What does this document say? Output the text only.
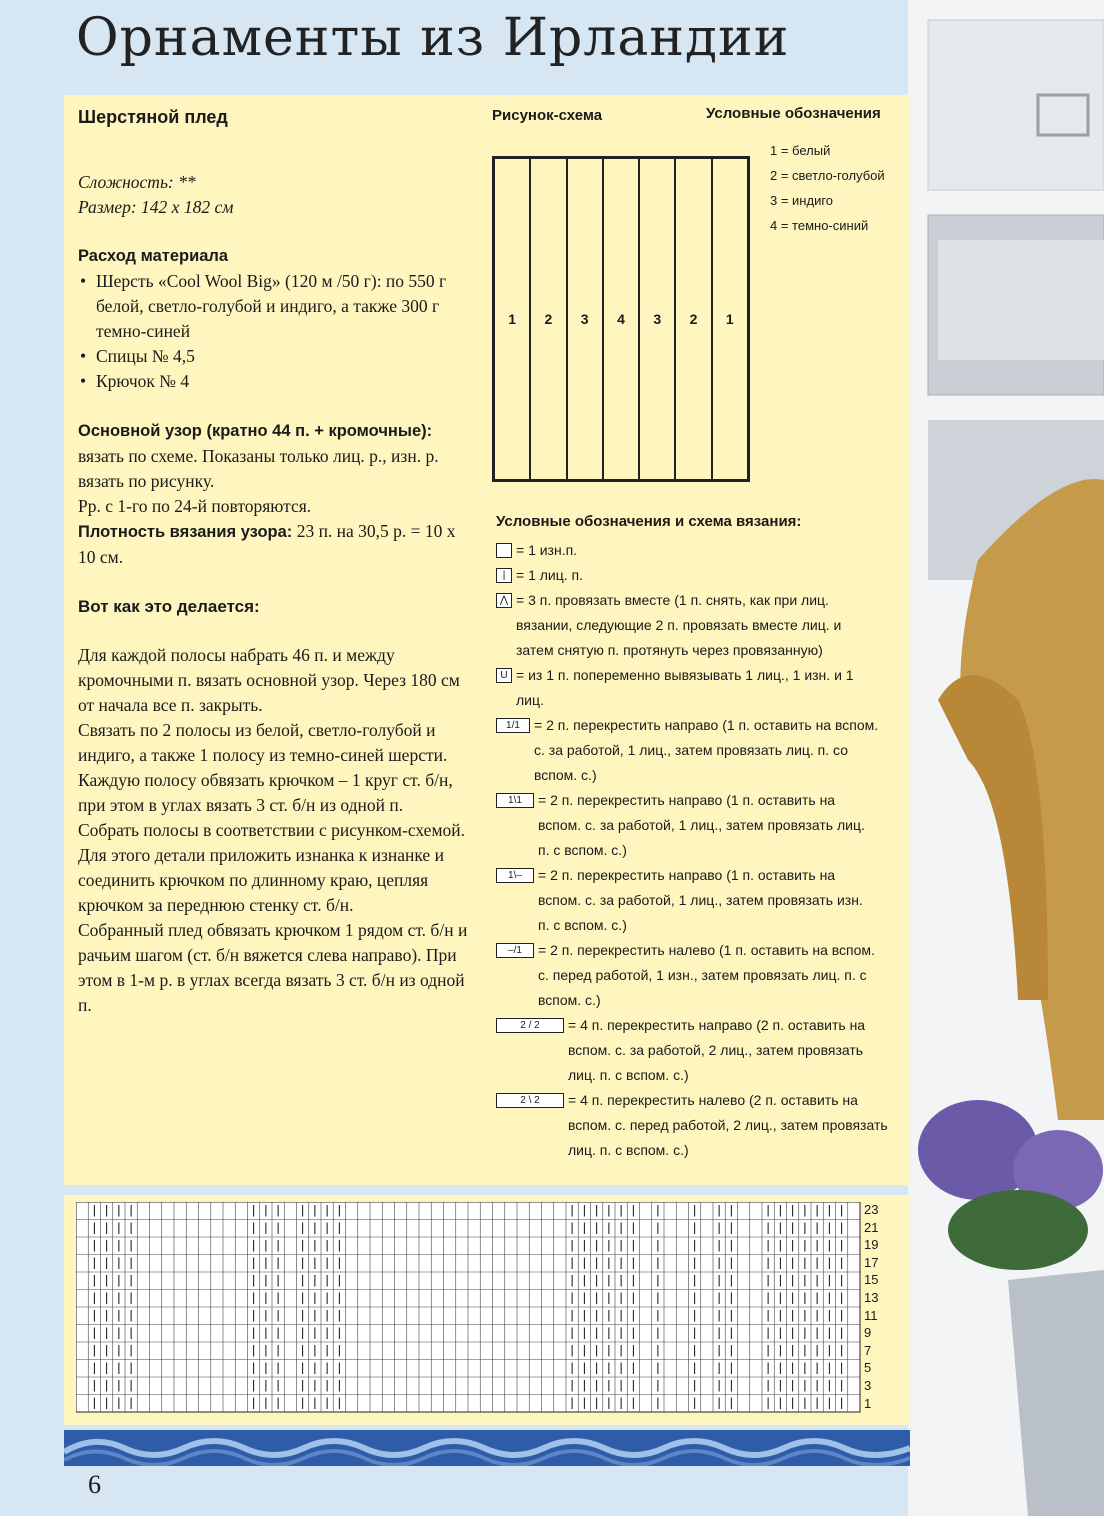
Орнаменты из Ирландии

Шерстяной плед

Сложность: **

Размер: 142 х 182 см

Расход материала

• Шерсть «Cool Wool Big» (120 м /50 г): по 550 г белой, светло-голубой и индиго, а также 300 г темно-синей
• Спицы № 4,5
• Крючок № 4

Основной узор (кратно 44 п. + кромочные): вязать по схеме. Показаны только лиц. р., изн. р. вязать по рисунку.

Рр. с 1-го по 24-й повторяются.

Плотность вязания узора: 23 п. на 30,5 р. = 10 х 10 см.

Вот как это делается:

Для каждой полосы набрать 46 п. и между кромочными п. вязать основной узор. Через 180 см от начала все п. закрыть.

Связать по 2 полосы из белой, светло-голубой и индиго, а также 1 полосу из темно-синей шерсти.

Каждую полосу обвязать крючком – 1 круг ст. б/н, при этом в углах вязать 3 ст. б/н из одной п.

Собрать полосы в соответствии с рисунком-схемой. Для этого детали приложить изнанка к изнанке и соединить крючком по длинному краю, цепляя крючком за переднюю стенку ст. б/н.

Собранный плед обвязать крючком 1 рядом ст. б/н и рачьим шагом (ст. б/н вяжется слева направо). При этом в 1-м р. в углах всегда вязать 3 ст. б/н из одной п.

Рисунок-схема	Условные обозначения
1	2	3	4	3	2	1
1 = белый
2 = светло-голубой
3 = индиго
4 = темно-синий
Условные обозначения и схема вязания:
= 1 изн.п.
| = 1 лиц. п.
⋀ = 3 п. провязать вместе (1 п. снять, как при лиц. вязании, следующие 2 п. провязать вместе лиц. и затем снятую п. протянуть через провязанную)
U = из 1 п. попеременно вывязывать 1 лиц., 1 изн. и 1 лиц.
1/1	= 2 п. перекрестить направо (1 п. оставить на вспом. с. за работой, 1 лиц., затем провязать лиц. п. со вспом. с.)
1\1	= 2 п. перекрестить направо (1 п. оставить на вспом. с. за работой, 1 лиц., затем провязать лиц. п. с вспом. с.)
1\–	= 2 п. перекрестить направо (1 п. оставить на вспом. с. за работой, 1 лиц., затем провязать изн. п. с вспом. с.)
–/1	= 2 п. перекрестить налево (1 п. оставить на вспом. с. перед работой, 1 изн., затем провязать лиц. п. с вспом. с.)
2 / 2	= 4 п. перекрестить направо (2 п. оставить на вспом. с. за работой, 2 лиц., затем провязать лиц. п. с вспом. с.)
2 \ 2	= 4 п. перекрестить налево (2 п. оставить на вспом. с. перед работой, 2 лиц., затем провязать лиц. п. с вспом. с.)
23
21
19
17
15
13
11
9
7
5
3
1
6
